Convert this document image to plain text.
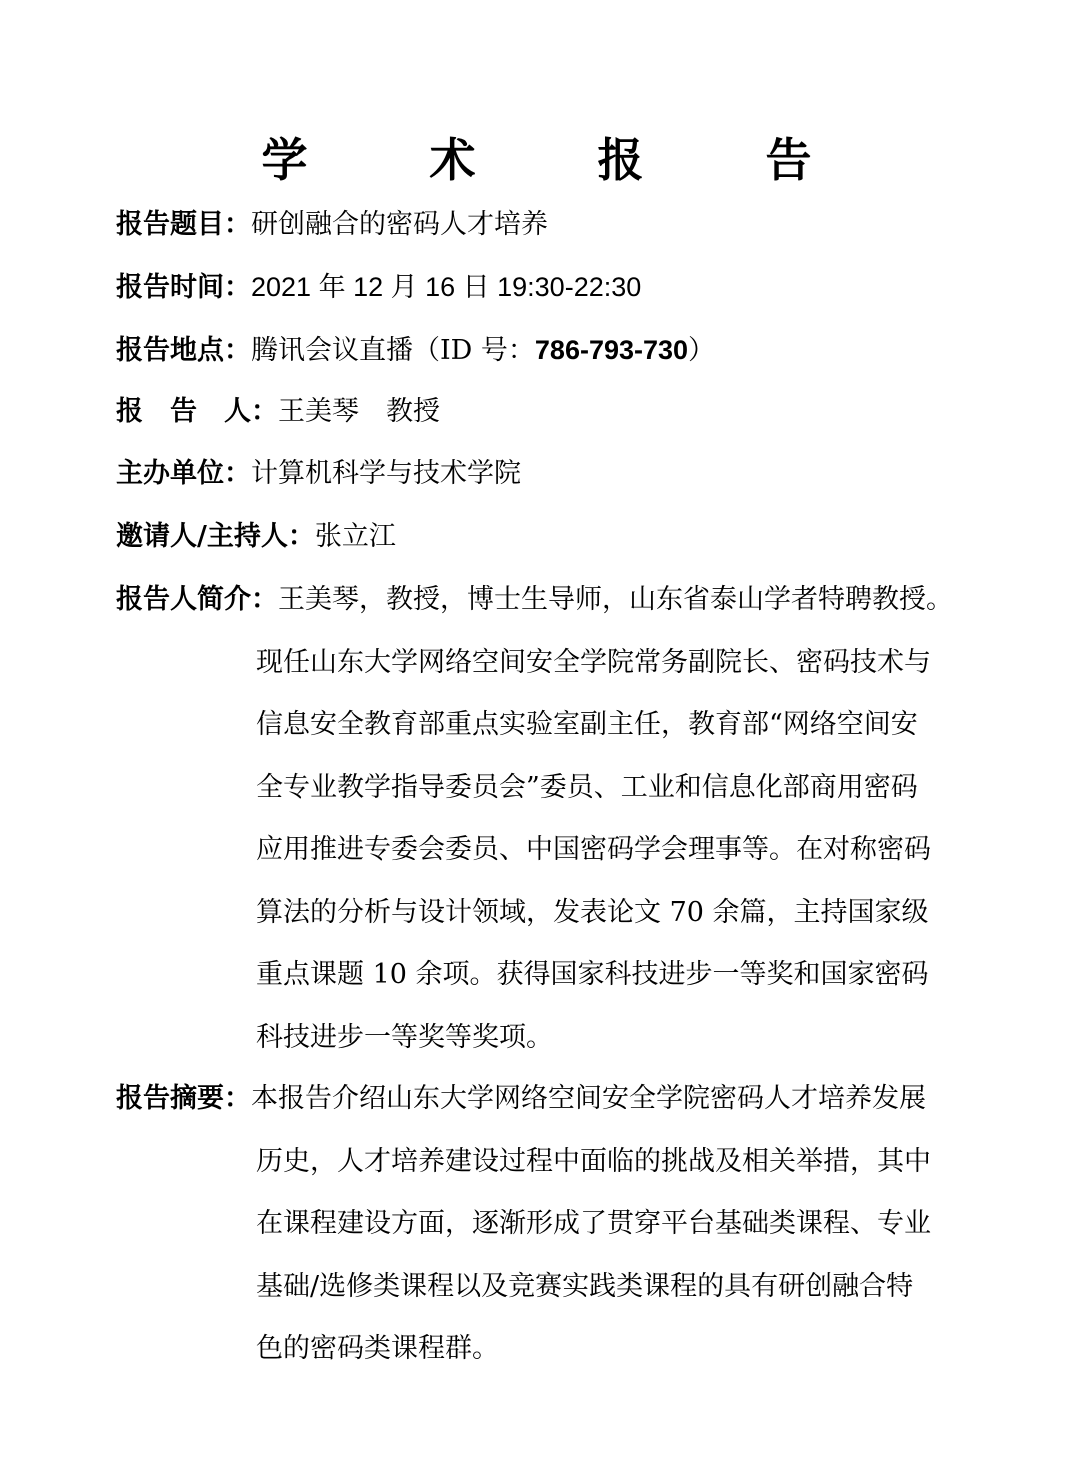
学　术　报　告
报告题目：研创融合的密码人才培养
报告时间：2021 年 12 月 16 日 19:30-22:30
报告地点：腾讯会议直播（ID 号：786-793-730）
报　告　人：王美琴　教授
主办单位：计算机科学与技术学院
邀请人/主持人：张立江
报告人简介：王美琴，教授，博士生导师，山东省泰山学者特聘教授。
现任山东大学网络空间安全学院常务副院长、密码技术与
信息安全教育部重点实验室副主任，教育部“网络空间安
全专业教学指导委员会”委员、工业和信息化部商用密码
应用推进专委会委员、中国密码学会理事等。在对称密码
算法的分析与设计领域，发表论文 70 余篇，主持国家级
重点课题 10 余项。获得国家科技进步一等奖和国家密码
科技进步一等奖等奖项。
报告摘要：本报告介绍山东大学网络空间安全学院密码人才培养发展
历史，人才培养建设过程中面临的挑战及相关举措，其中
在课程建设方面，逐渐形成了贯穿平台基础类课程、专业
基础/选修类课程以及竞赛实践类课程的具有研创融合特
色的密码类课程群。
